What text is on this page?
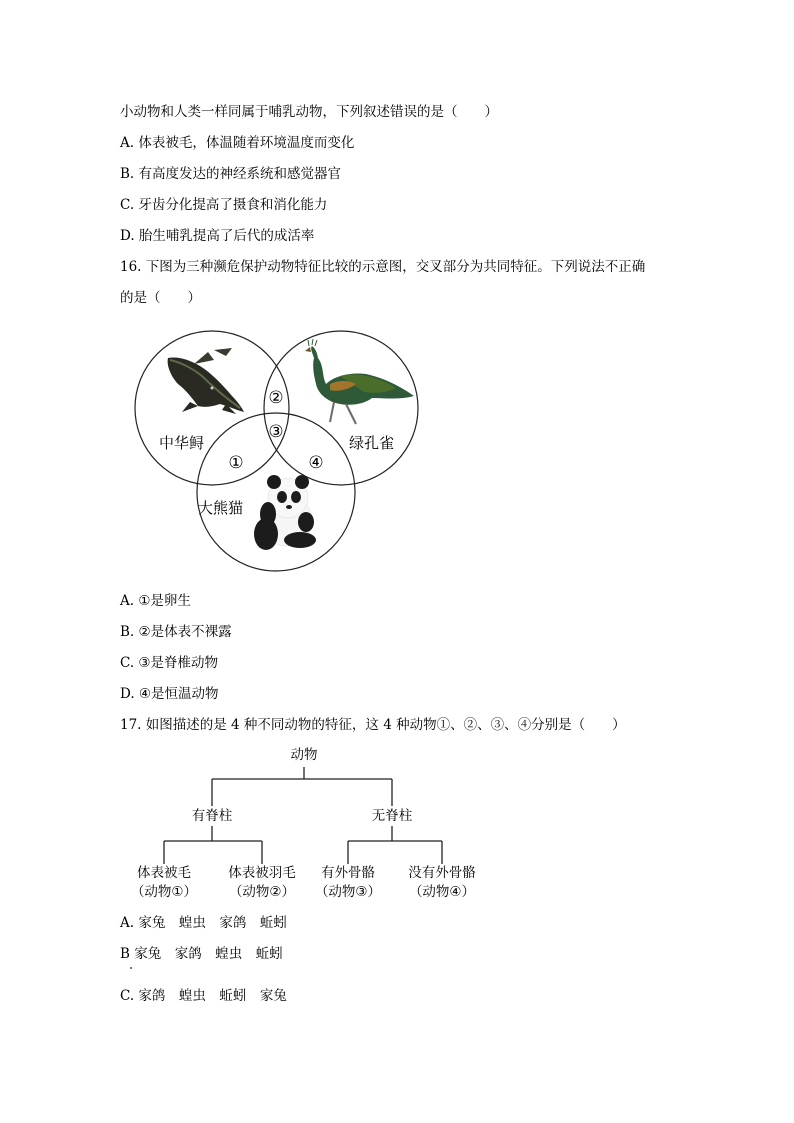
小动物和人类一样同属于哺乳动物，下列叙述错误的是（　　）
A. 体表被毛，体温随着环境温度而变化
B. 有高度发达的神经系统和感觉器官
C. 牙齿分化提高了摄食和消化能力
D. 胎生哺乳提高了后代的成活率
16. 下图为三种濒危保护动物特征比较的示意图，交叉部分为共同特征。下列说法不正确
的是（　　）
中华鲟	绿孔雀
大熊猫
②
③
①	④
A. ①是卵生
B. ②是体表不裸露
C. ③是脊椎动物
D. ④是恒温动物
17. 如图描述的是 4 种不同动物的特征，这 4 种动物①、②、③、④分别是（　　）
动物
有脊柱	无脊柱
体表被毛
（动物①）
体表被羽毛
（动物②）
有外骨骼
（动物③）
没有外骨骼
（动物④）
A. 家兔　蝗虫　家鸽　蚯蚓
B 家兔　家鸽　蝗虫　蚯蚓
C. 家鸽　蝗虫　蚯蚓　家兔
